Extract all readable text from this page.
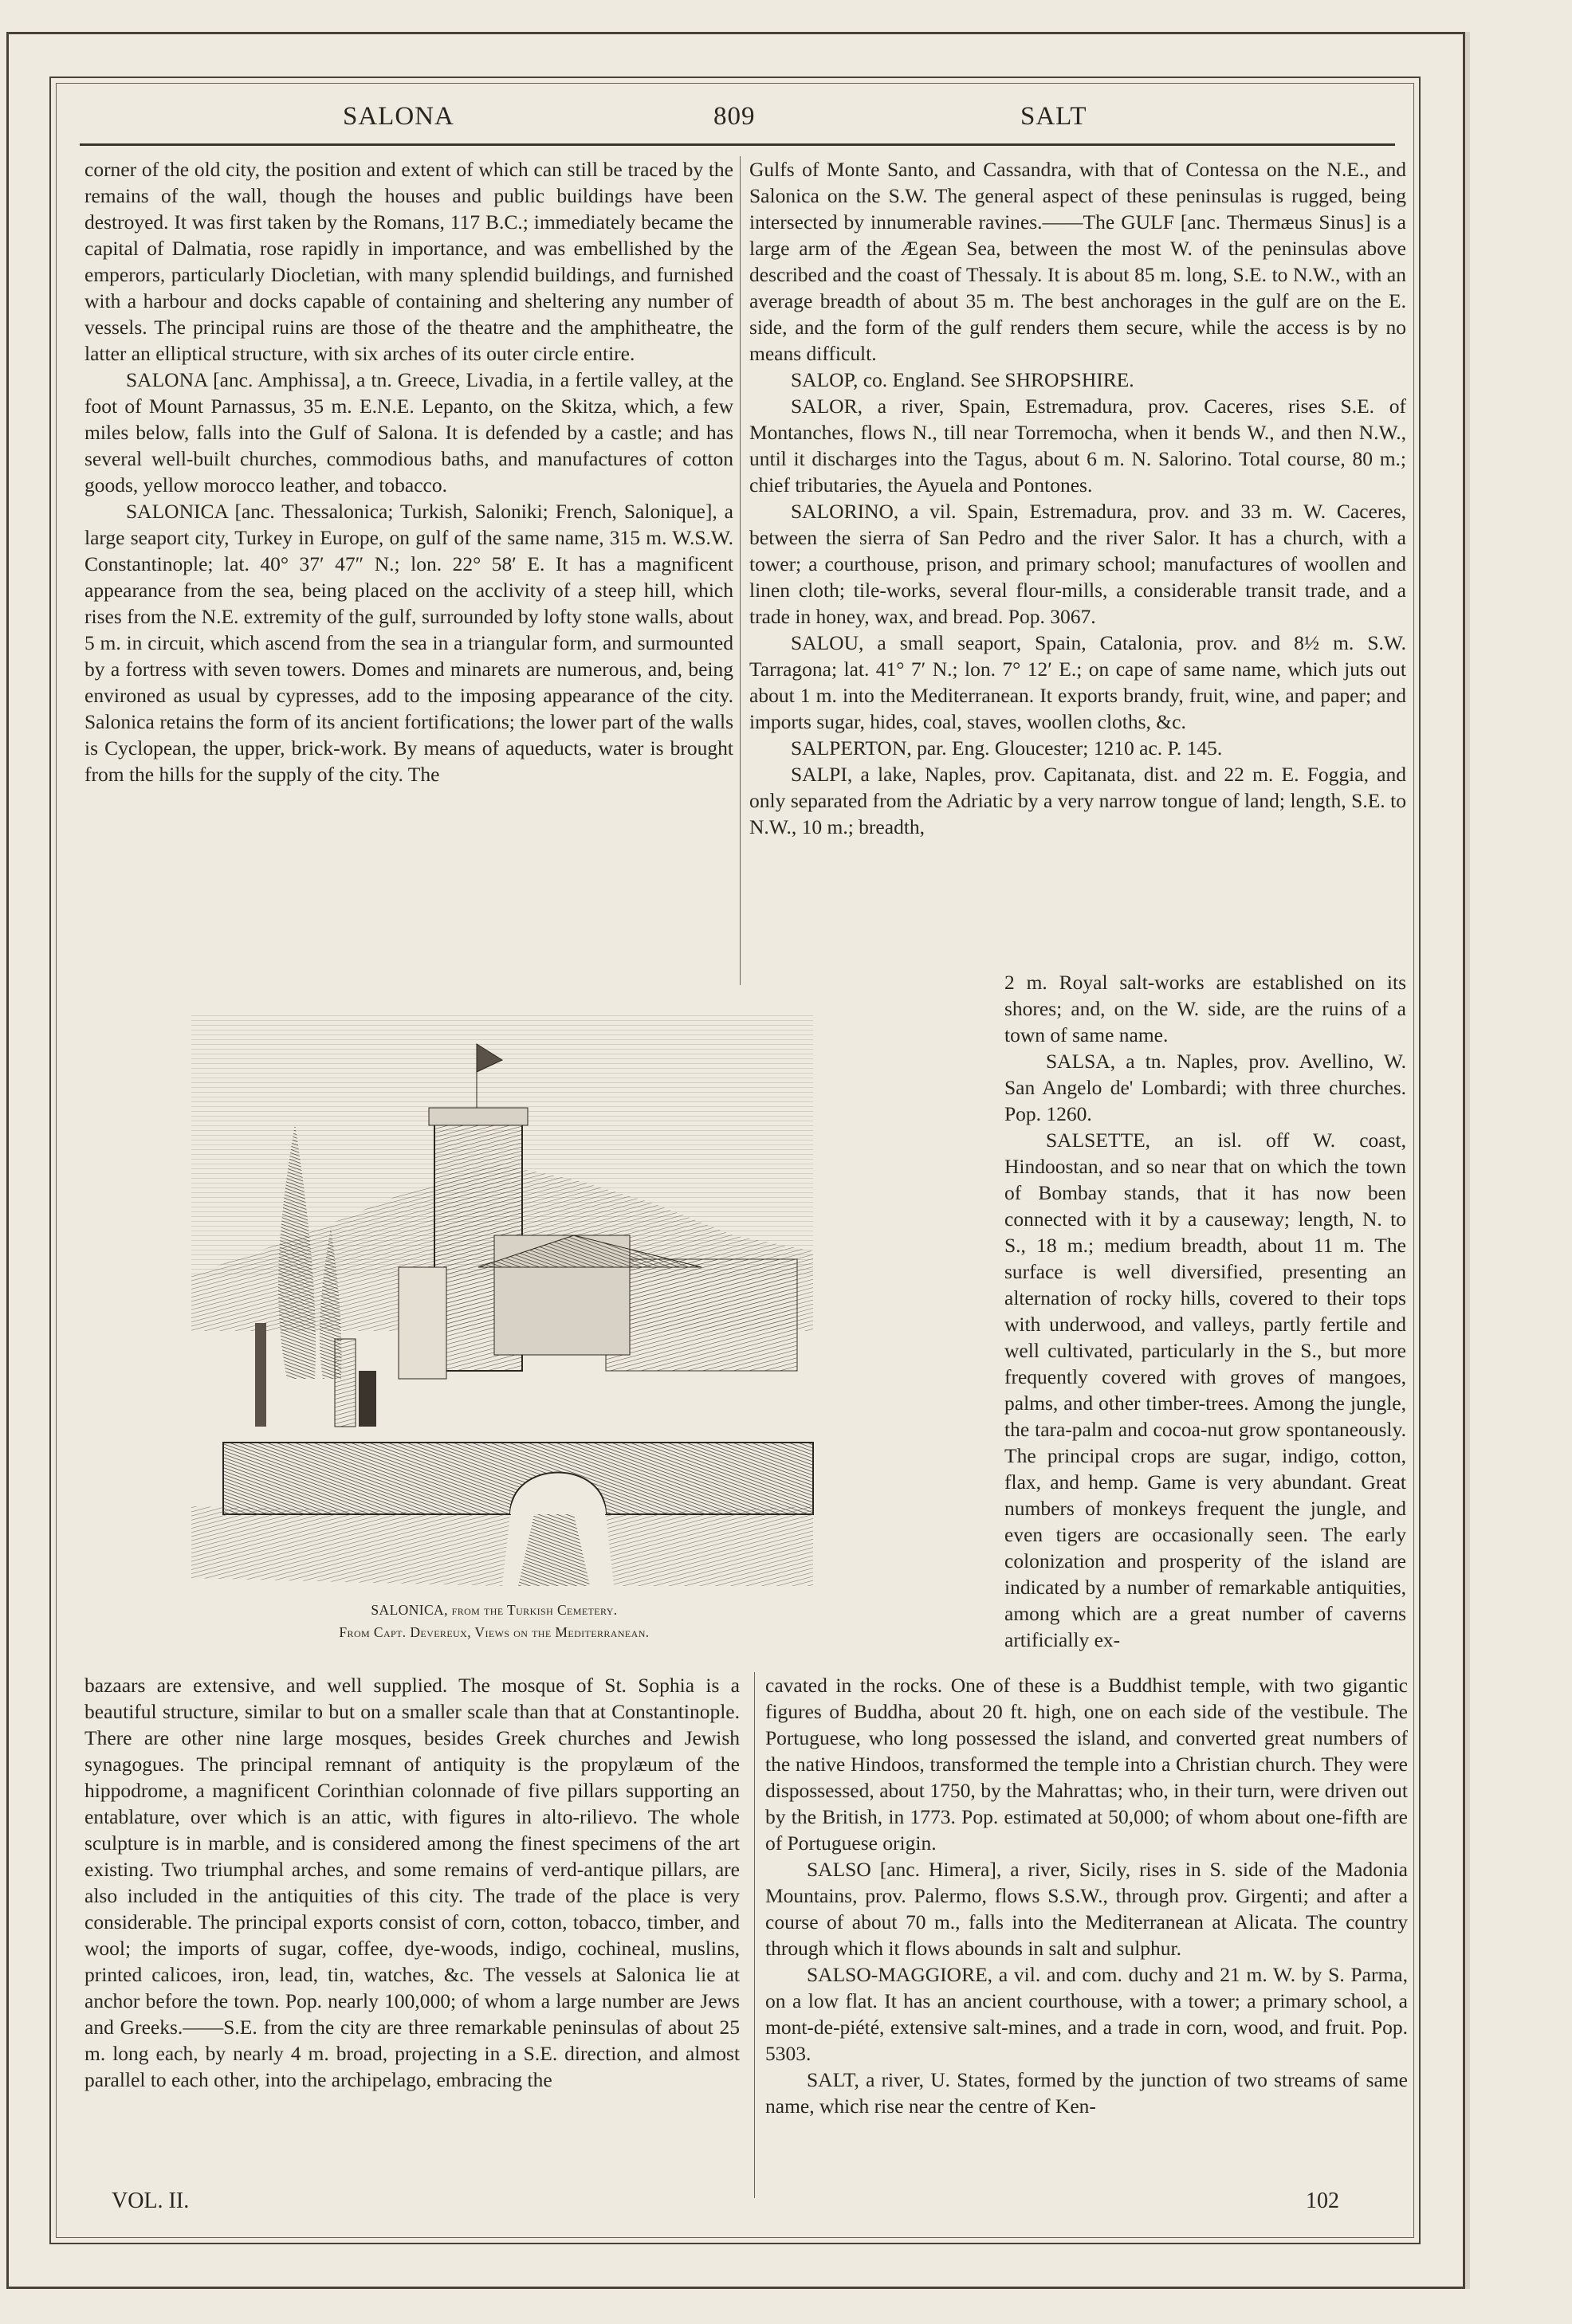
SALONA	809	SALT

corner of the old city, the position and extent of which can still be traced by the remains of the wall, though the houses and public buildings have been destroyed. It was first taken by the Romans, 117 B.C.; immediately became the capital of Dalmatia, rose rapidly in importance, and was embellished by the emperors, particularly Diocletian, with many splendid buildings, and furnished with a harbour and docks capable of containing and sheltering any number of vessels. The principal ruins are those of the theatre and the amphitheatre, the latter an elliptical structure, with six arches of its outer circle entire.

SALONA [anc. Amphissa], a tn. Greece, Livadia, in a fertile valley, at the foot of Mount Parnassus, 35 m. E.N.E. Lepanto, on the Skitza, which, a few miles below, falls into the Gulf of Salona. It is defended by a castle; and has several well-built churches, commodious baths, and manufactures of cotton goods, yellow morocco leather, and tobacco.

SALONICA [anc. Thessalonica; Turkish, Saloniki; French, Salonique], a large seaport city, Turkey in Europe, on gulf of the same name, 315 m. W.S.W. Constantinople; lat. 40° 37′ 47″ N.; lon. 22° 58′ E. It has a magnificent appearance from the sea, being placed on the acclivity of a steep hill, which rises from the N.E. extremity of the gulf, surrounded by lofty stone walls, about 5 m. in circuit, which ascend from the sea in a triangular form, and surmounted by a fortress with seven towers. Domes and minarets are numerous, and, being environed as usual by cypresses, add to the imposing appearance of the city. Salonica retains the form of its ancient fortifications; the lower part of the walls is Cyclopean, the upper, brick-work. By means of aqueducts, water is brought from the hills for the supply of the city. The

Gulfs of Monte Santo, and Cassandra, with that of Contessa on the N.E., and Salonica on the S.W. The general aspect of these peninsulas is rugged, being intersected by innumerable ravines.——The GULF [anc. Thermæus Sinus] is a large arm of the Ægean Sea, between the most W. of the peninsulas above described and the coast of Thessaly. It is about 85 m. long, S.E. to N.W., with an average breadth of about 35 m. The best anchorages in the gulf are on the E. side, and the form of the gulf renders them secure, while the access is by no means difficult.

SALOP, co. England. See SHROPSHIRE.

SALOR, a river, Spain, Estremadura, prov. Caceres, rises S.E. of Montanches, flows N., till near Torremocha, when it bends W., and then N.W., until it discharges into the Tagus, about 6 m. N. Salorino. Total course, 80 m.; chief tributaries, the Ayuela and Pontones.

SALORINO, a vil. Spain, Estremadura, prov. and 33 m. W. Caceres, between the sierra of San Pedro and the river Salor. It has a church, with a tower; a courthouse, prison, and primary school; manufactures of woollen and linen cloth; tile-works, several flour-mills, a considerable transit trade, and a trade in honey, wax, and bread. Pop. 3067.

SALOU, a small seaport, Spain, Catalonia, prov. and 8½ m. S.W. Tarragona; lat. 41° 7′ N.; lon. 7° 12′ E.; on cape of same name, which juts out about 1 m. into the Mediterranean. It exports brandy, fruit, wine, and paper; and imports sugar, hides, coal, staves, woollen cloths, &c.

SALPERTON, par. Eng. Gloucester; 1210 ac. P. 145.

SALPI, a lake, Naples, prov. Capitanata, dist. and 22 m. E. Foggia, and only separated from the Adriatic by a very narrow tongue of land; length, S.E. to N.W., 10 m.; breadth,

2 m. Royal salt-works are established on its shores; and, on the W. side, are the ruins of a town of same name.

SALSA, a tn. Naples, prov. Avellino, W. San Angelo de' Lombardi; with three churches. Pop. 1260.

SALSETTE, an isl. off W. coast, Hindoostan, and so near that on which the town of Bombay stands, that it has now been connected with it by a causeway; length, N. to S., 18 m.; medium breadth, about 11 m. The surface is well diversified, presenting an alternation of rocky hills, covered to their tops with underwood, and valleys, partly fertile and well cultivated, particularly in the S., but more frequently covered with groves of mangoes, palms, and other timber-trees. Among the jungle, the tara-palm and cocoa-nut grow spontaneously. The principal crops are sugar, indigo, cotton, flax, and hemp. Game is very abundant. Great numbers of monkeys frequent the jungle, and even tigers are occasionally seen. The early colonization and prosperity of the island are indicated by a number of remarkable antiquities, among which are a great number of caverns artificially ex-

SALONICA, from the Turkish Cemetery.
From Capt. Devereux, Views on the Mediterranean.

bazaars are extensive, and well supplied. The mosque of St. Sophia is a beautiful structure, similar to but on a smaller scale than that at Constantinople. There are other nine large mosques, besides Greek churches and Jewish synagogues. The principal remnant of antiquity is the propylæum of the hippodrome, a magnificent Corinthian colonnade of five pillars supporting an entablature, over which is an attic, with figures in alto-rilievo. The whole sculpture is in marble, and is considered among the finest specimens of the art existing. Two triumphal arches, and some remains of verd-antique pillars, are also included in the antiquities of this city. The trade of the place is very considerable. The principal exports consist of corn, cotton, tobacco, timber, and wool; the imports of sugar, coffee, dye-woods, indigo, cochineal, muslins, printed calicoes, iron, lead, tin, watches, &c. The vessels at Salonica lie at anchor before the town. Pop. nearly 100,000; of whom a large number are Jews and Greeks.——S.E. from the city are three remarkable peninsulas of about 25 m. long each, by nearly 4 m. broad, projecting in a S.E. direction, and almost parallel to each other, into the archipelago, embracing the

cavated in the rocks. One of these is a Buddhist temple, with two gigantic figures of Buddha, about 20 ft. high, one on each side of the vestibule. The Portuguese, who long possessed the island, and converted great numbers of the native Hindoos, transformed the temple into a Christian church. They were dispossessed, about 1750, by the Mahrattas; who, in their turn, were driven out by the British, in 1773. Pop. estimated at 50,000; of whom about one-fifth are of Portuguese origin.

SALSO [anc. Himera], a river, Sicily, rises in S. side of the Madonia Mountains, prov. Palermo, flows S.S.W., through prov. Girgenti; and after a course of about 70 m., falls into the Mediterranean at Alicata. The country through which it flows abounds in salt and sulphur.

SALSO-MAGGIORE, a vil. and com. duchy and 21 m. W. by S. Parma, on a low flat. It has an ancient courthouse, with a tower; a primary school, a mont-de-piété, extensive salt-mines, and a trade in corn, wood, and fruit. Pop. 5303.

SALT, a river, U. States, formed by the junction of two streams of same name, which rise near the centre of Ken-

VOL. II.	102
